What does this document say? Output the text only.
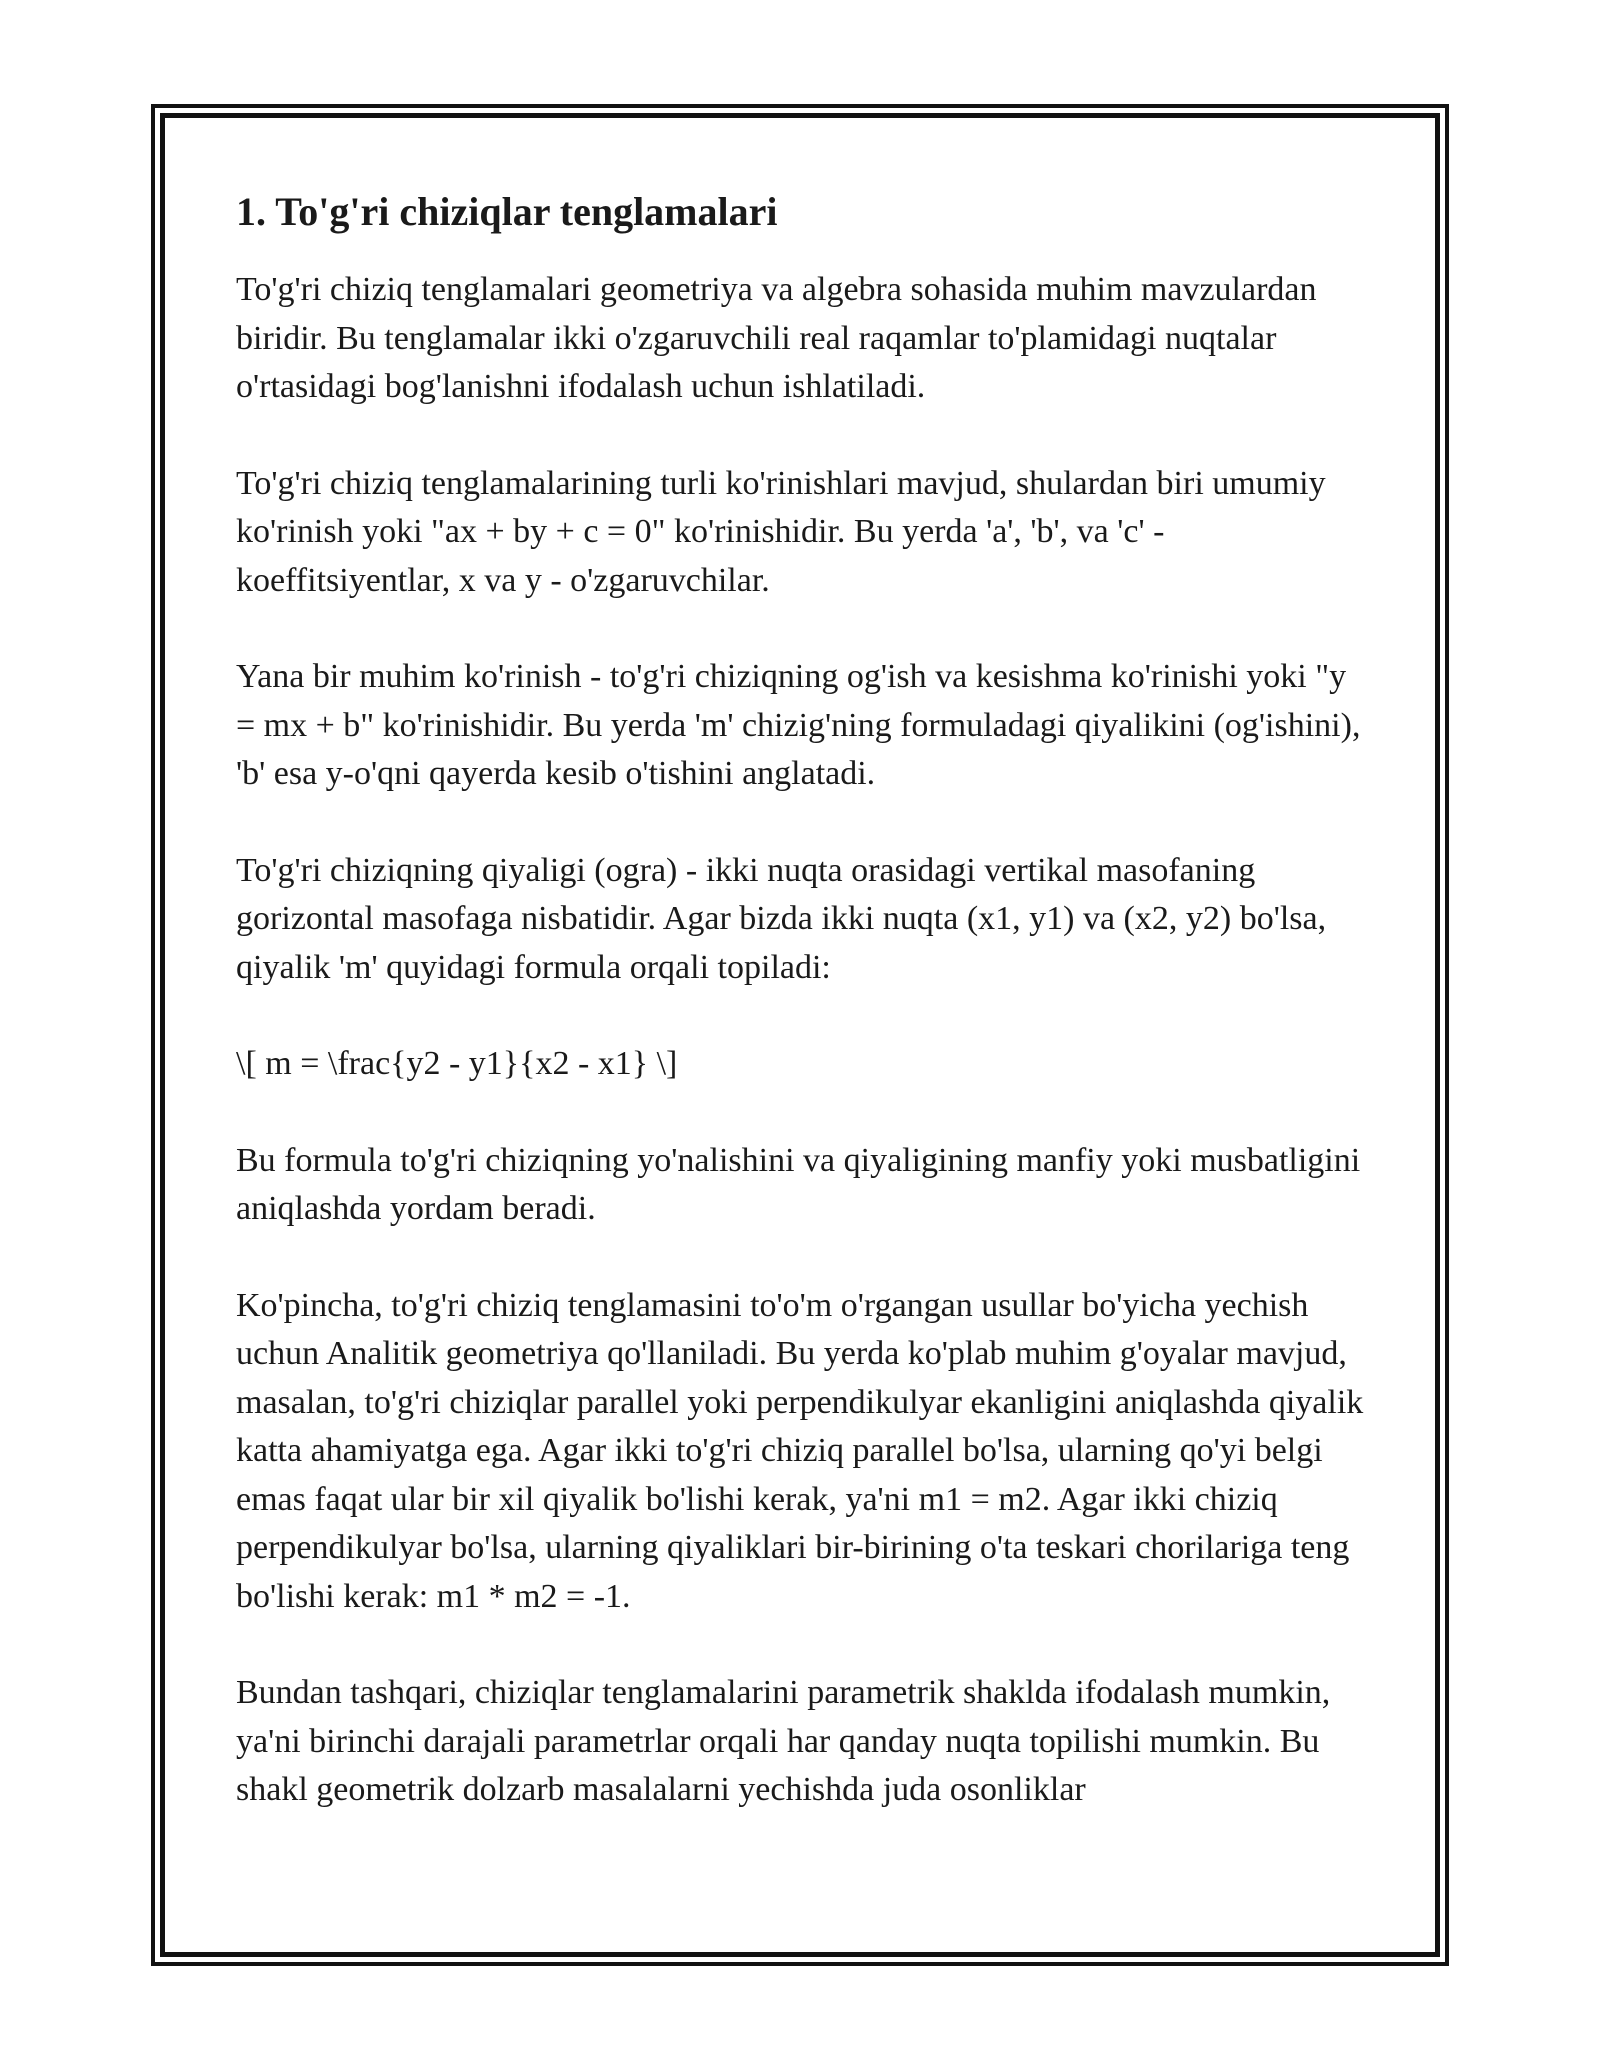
1. To'g'ri chiziqlar tenglamalari

To'g'ri chiziq tenglamalari geometriya va algebra sohasida muhim mavzulardan biridir. Bu tenglamalar ikki o'zgaruvchili real raqamlar to'plamidagi nuqtalar o'rtasidagi bog'lanishni ifodalash uchun ishlatiladi.

To'g'ri chiziq tenglamalarining turli ko'rinishlari mavjud, shulardan biri umumiy ko'rinish yoki "ax + by + c = 0" ko'rinishidir. Bu yerda 'a', 'b', va 'c' - koeffitsiyentlar, x va y - o'zgaruvchilar.

Yana bir muhim ko'rinish - to'g'ri chiziqning og'ish va kesishma ko'rinishi yoki "y = mx + b" ko'rinishidir. Bu yerda 'm' chizig'ning formuladagi qiyalikini (og'ishini), 'b' esa y-o'qni qayerda kesib o'tishini anglatadi.

To'g'ri chiziqning qiyaligi (ogra) - ikki nuqta orasidagi vertikal masofaning gorizontal masofaga nisbatidir. Agar bizda ikki nuqta (x1, y1) va (x2, y2) bo'lsa, qiyalik 'm' quyidagi formula orqali topiladi:

\[ m = \frac{y2 - y1}{x2 - x1} \]

Bu formula to'g'ri chiziqning yo'nalishini va qiyaligining manfiy yoki musbatligini aniqlashda yordam beradi.

Ko'pincha, to'g'ri chiziq tenglamasini to'o'm o'rgangan usullar bo'yicha yechish uchun Analitik geometriya qo'llaniladi. Bu yerda ko'plab muhim g'oyalar mavjud, masalan, to'g'ri chiziqlar parallel yoki perpendikulyar ekanligini aniqlashda qiyalik katta ahamiyatga ega. Agar ikki to'g'ri chiziq parallel bo'lsa, ularning qo'yi belgi emas faqat ular bir xil qiyalik bo'lishi kerak, ya'ni m1 = m2. Agar ikki chiziq perpendikulyar bo'lsa, ularning qiyaliklari bir-birining o'ta teskari chorilariga teng bo'lishi kerak: m1 * m2 = -1.

Bundan tashqari, chiziqlar tenglamalarini parametrik shaklda ifodalash mumkin, ya'ni birinchi darajali parametrlar orqali har qanday nuqta topilishi mumkin. Bu shakl geometrik dolzarb masalalarni yechishda juda osonliklar
